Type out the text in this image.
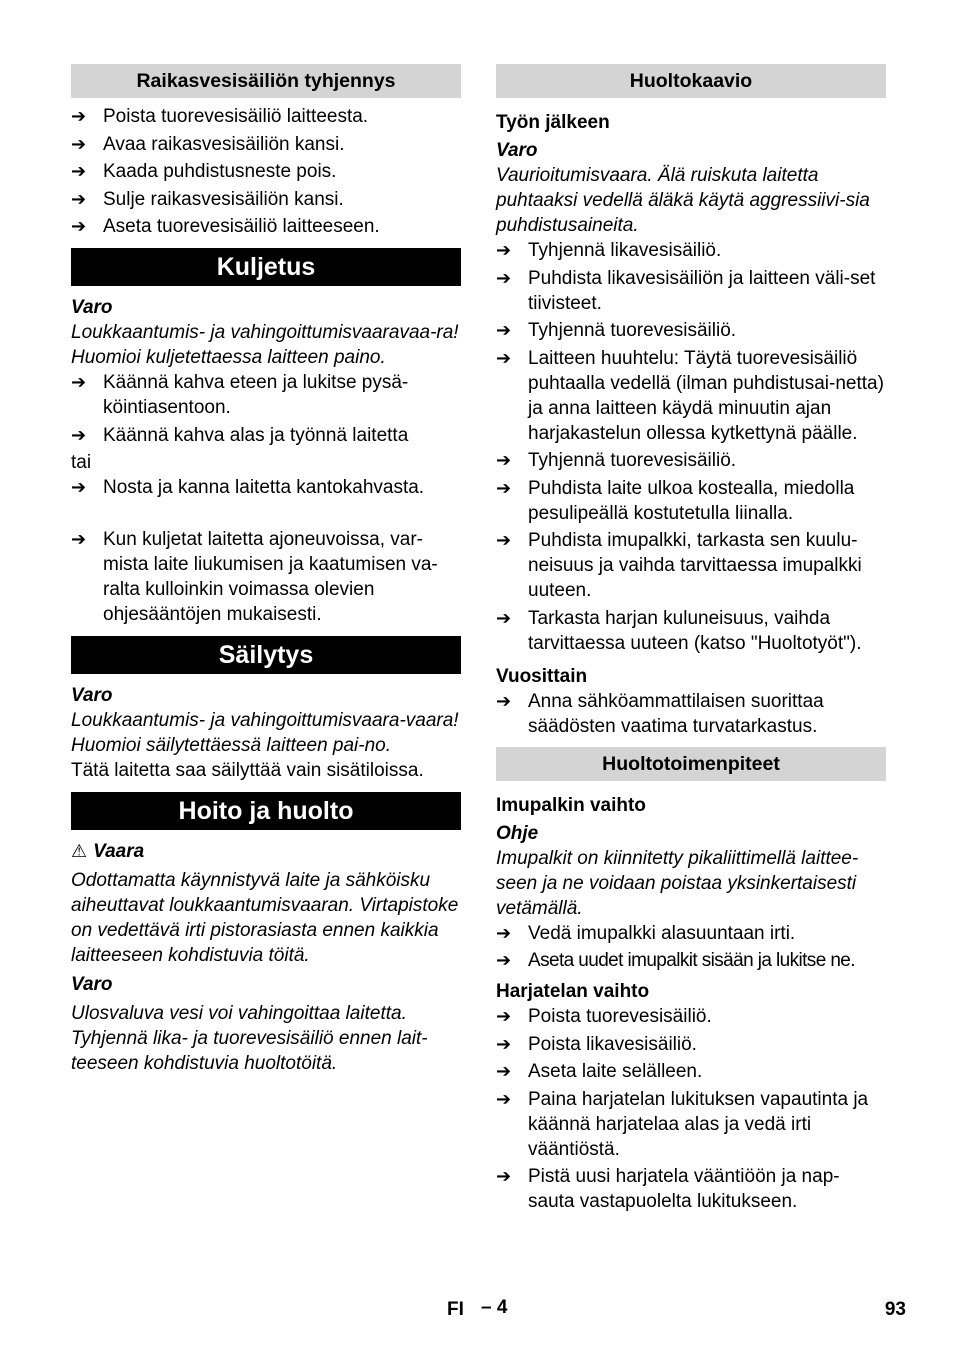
Raikasvesisäiliön tyhjennys
➔ Poista tuorevesisäiliö laitteesta.
➔ Avaa raikasvesisäiliön kansi.
➔ Kaada puhdistusneste pois.
➔ Sulje raikasvesisäiliön kansi.
➔ Aseta tuorevesisäiliö laitteeseen.
Kuljetus
Varo
Loukkaantumis- ja vahingoittumisvaaravaa-ra! Huomioi kuljetettaessa laitteen paino.
➔ Käännä kahva eteen ja lukitse pysä-köintiasentoon.
➔ Käännä kahva alas ja työnnä laitetta
tai
➔ Nosta ja kanna laitetta kantokahvasta.
➔ Kun kuljetat laitetta ajoneuvoissa, var-mista laite liukumisen ja kaatumisen va-ralta kulloinkin voimassa olevien ohjesääntöjen mukaisesti.
Säilytys
Varo
Loukkaantumis- ja vahingoittumisvaara-vaara! Huomioi säilytettäessä laitteen pai-no.
Tätä laitetta saa säilyttää vain sisätiloissa.
Hoito ja huolto
⚠ Vaara
Odottamatta käynnistyvä laite ja sähköisku aiheuttavat loukkaantumisvaaran. Virtapistoke on vedettävä irti pistorasiasta ennen kaikkia laitteeseen kohdistuvia töitä.
Varo
Ulosvaluva vesi voi vahingoittaa laitetta. Tyhjennä lika- ja tuorevesisäiliö ennen lait-teeseen kohdistuvia huoltotöitä.
Huoltokaavio
Työn jälkeen
Varo
Vaurioitumisvaara. Älä ruiskuta laitetta puhtaaksi vedellä äläkä käytä aggressiivi-sia puhdistusaineita.
➔ Tyhjennä likavesisäiliö.
➔ Puhdista likavesisäiliön ja laitteen väli-set tiivisteet.
➔ Tyhjennä tuorevesisäiliö.
➔ Laitteen huuhtelu: Täytä tuorevesisäiliö puhtaalla vedellä (ilman puhdistusai-netta) ja anna laitteen käydä minuutin ajan harjakastelun ollessa kytkettynä päälle.
➔ Tyhjennä tuorevesisäiliö.
➔ Puhdista laite ulkoa kostealla, miedolla pesulipeällä kostutetulla liinalla.
➔ Puhdista imupalkki, tarkasta sen kuulu-neisuus ja vaihda tarvittaessa imupalkki uuteen.
➔ Tarkasta harjan kuluneisuus, vaihda tarvittaessa uuteen (katso "Huoltotyöt").
Vuosittain
➔ Anna sähköammattilaisen suorittaa säädösten vaatima turvatarkastus.
Huoltotoimenpiteet
Imupalkin vaihto
Ohje
Imupalkit on kiinnitetty pikaliittimellä laittee-seen ja ne voidaan poistaa yksinkertaisesti vetämällä.
➔ Vedä imupalkki alasuuntaan irti.
➔ Aseta uudet imupalkit sisään ja lukitse ne.
Harjatelan vaihto
➔ Poista tuorevesisäiliö.
➔ Poista likavesisäiliö.
➔ Aseta laite selälleen.
➔ Paina harjatelan lukituksen vapautinta ja käännä harjatelaa alas ja vedä irti vääntiöstä.
➔ Pistä uusi harjatela vääntiöön ja nap-sauta vastapuolelta lukitukseen.
FI – 4	93
